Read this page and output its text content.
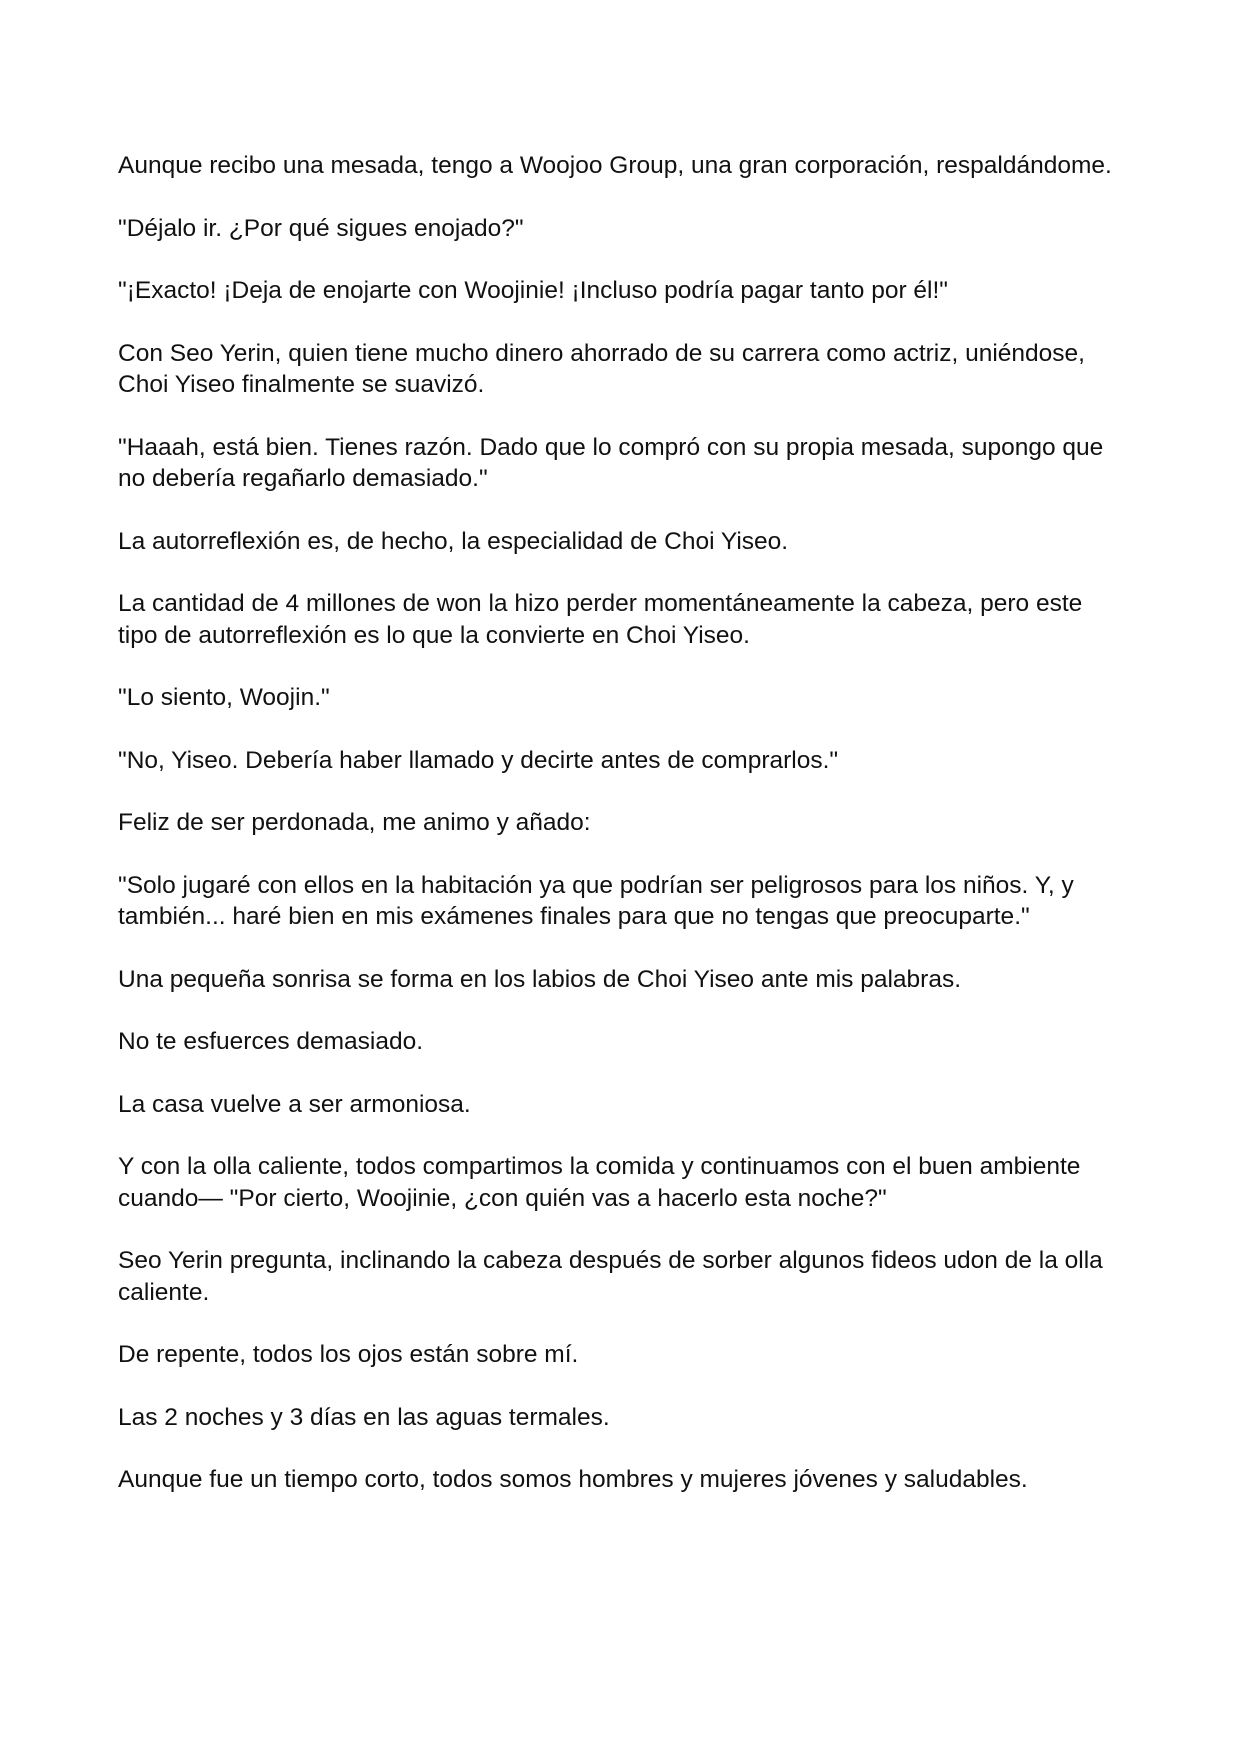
Aunque recibo una mesada, tengo a Woojoo Group, una gran corporación, respaldándome.

"Déjalo ir. ¿Por qué sigues enojado?"

"¡Exacto! ¡Deja de enojarte con Woojinie! ¡Incluso podría pagar tanto por él!"

Con Seo Yerin, quien tiene mucho dinero ahorrado de su carrera como actriz, uniéndose, Choi Yiseo finalmente se suavizó.

"Haaah, está bien. Tienes razón. Dado que lo compró con su propia mesada, supongo que no debería regañarlo demasiado."

La autorreflexión es, de hecho, la especialidad de Choi Yiseo.

La cantidad de 4 millones de won la hizo perder momentáneamente la cabeza, pero este tipo de autorreflexión es lo que la convierte en Choi Yiseo.

"Lo siento, Woojin."

"No, Yiseo. Debería haber llamado y decirte antes de comprarlos."

Feliz de ser perdonada, me animo y añado:

"Solo jugaré con ellos en la habitación ya que podrían ser peligrosos para los niños. Y, y también... haré bien en mis exámenes finales para que no tengas que preocuparte."

Una pequeña sonrisa se forma en los labios de Choi Yiseo ante mis palabras.

No te esfuerces demasiado.

La casa vuelve a ser armoniosa.

Y con la olla caliente, todos compartimos la comida y continuamos con el buen ambiente cuando— "Por cierto, Woojinie, ¿con quién vas a hacerlo esta noche?"

Seo Yerin pregunta, inclinando la cabeza después de sorber algunos fideos udon de la olla caliente.

De repente, todos los ojos están sobre mí.

Las 2 noches y 3 días en las aguas termales.

Aunque fue un tiempo corto, todos somos hombres y mujeres jóvenes y saludables.
